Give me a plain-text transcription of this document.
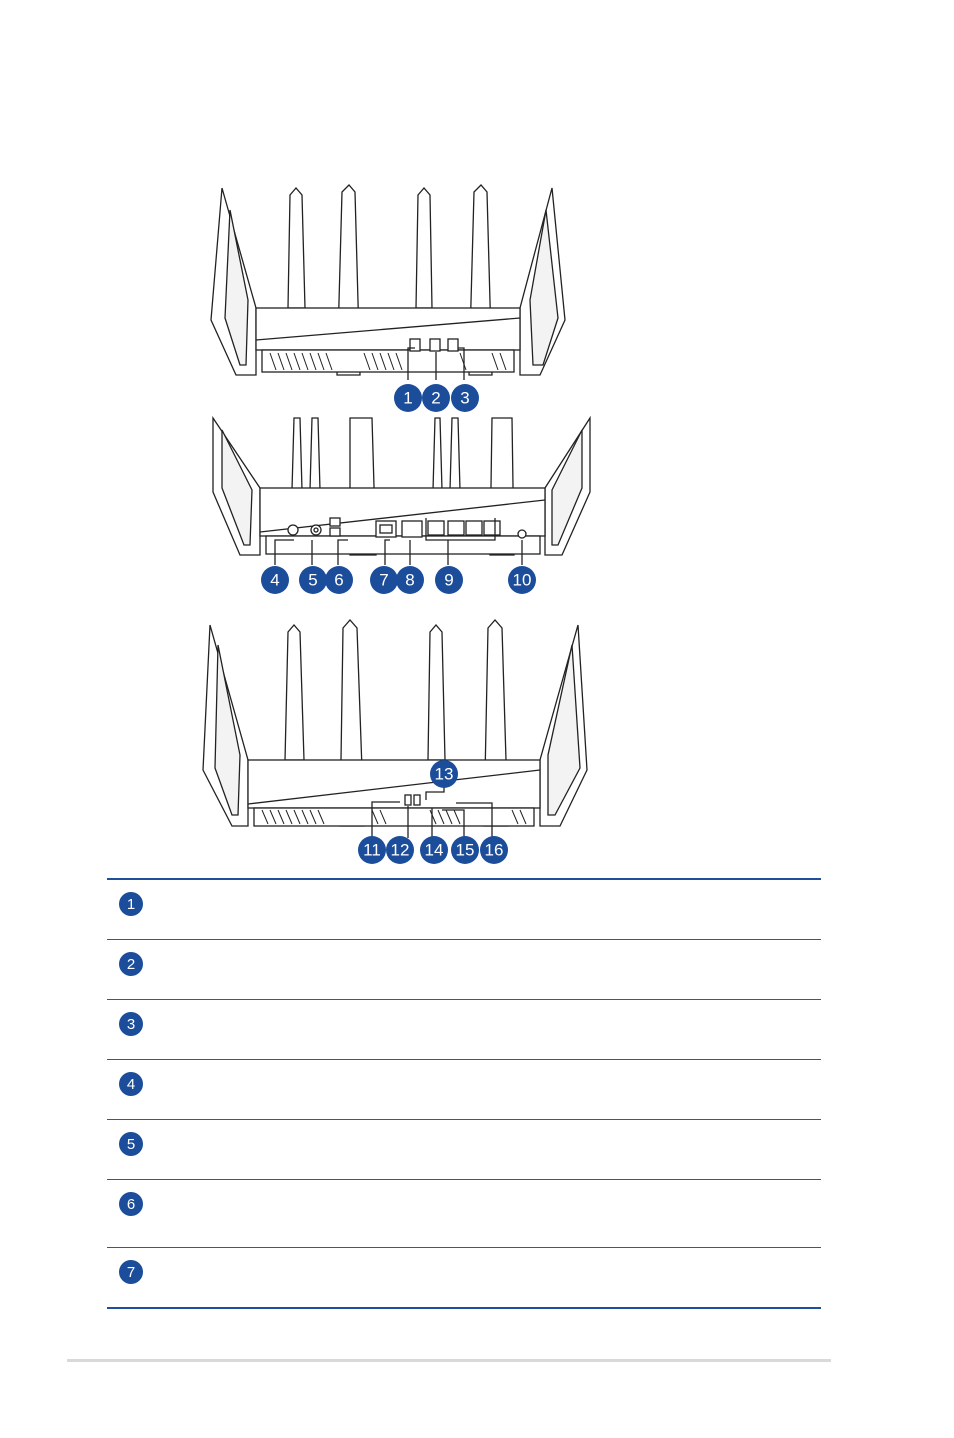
1 2 3
4 5 6 7 8 9	10
11 12
13
14 15 16
1
2
3
4
5
6
7
